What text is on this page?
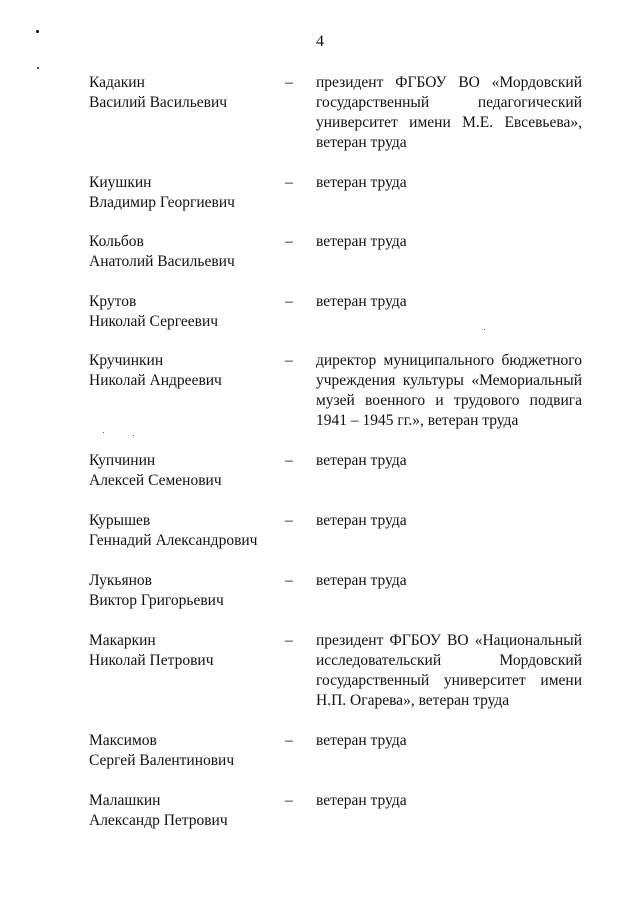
4
Кадакин
Василий Васильевич
– президент ФГБОУ ВО «Мордовский
государственный педагогический
университет имени М.Е. Евсевьева»,
ветеран труда
Киушкин
Владимир Георгиевич
– ветеран труда
Кольбов
Анатолий Васильевич
– ветеран труда
Крутов
Николай Сергеевич
– ветеран труда
Кручинкин
Николай Андреевич
– директор муниципального бюджетного
учреждения культуры «Мемориальный
музей военного и трудового подвига
1941 – 1945 гг.», ветеран труда
Купчинин
Алексей Семенович
– ветеран труда
Курышев
Геннадий Александрович
– ветеран труда
Лукьянов
Виктор Григорьевич
– ветеран труда
Макаркин
Николай Петрович
– президент ФГБОУ ВО «Национальный
исследовательский Мордовский
государственный университет имени
Н.П. Огарева», ветеран труда
Максимов
Сергей Валентинович
– ветеран труда
Малашкин
Александр Петрович
– ветеран труда
